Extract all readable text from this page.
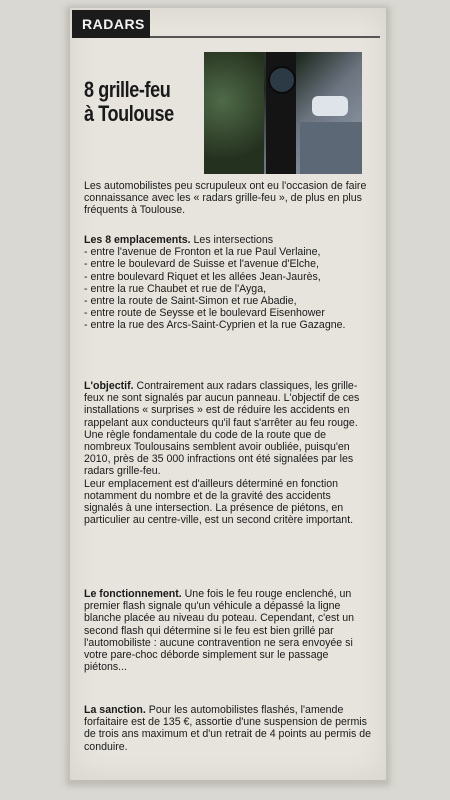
RADARS
8 grille-feu
à Toulouse

Les automobilistes peu scrupuleux ont eu l'occasion de faire connaissance avec les « radars grille-feu », de plus en plus fréquents à Toulouse.

Les 8 emplacements. Les intersections

- entre l'avenue de Fronton et la rue Paul Verlaine,
- entre le boulevard de Suisse et l'avenue d'Elche,
- entre boulevard Riquet et les allées Jean-Jaurès,
- entre la rue Chaubet et rue de l'Ayga,
- entre la route de Saint-Simon et rue Abadie,
- entre route de Seysse et le boulevard Eisenhower
- entre la rue des Arcs-Saint-Cyprien et la rue Gazagne.

L'objectif. Contrairement aux radars classiques, les grille-feux ne sont signalés par aucun panneau. L'objectif de ces installations « surprises » est de réduire les accidents en rappelant aux conducteurs qu'il faut s'arrêter au feu rouge.

Une règle fondamentale du code de la route que de nombreux Toulousains semblent avoir oubliée, puisqu'en 2010, près de 35 000 infractions ont été signalées par les radars grille-feu.

Leur emplacement est d'ailleurs déterminé en fonction notamment du nombre et de la gravité des accidents signalés à une intersection. La présence de piétons, en particulier au centre-ville, est un second critère important.

Le fonctionnement. Une fois le feu rouge enclenché, un premier flash signale qu'un véhicule a dépassé la ligne blanche placée au niveau du poteau. Cependant, c'est un second flash qui détermine si le feu est bien grillé par l'automobiliste : aucune contravention ne sera envoyée si votre pare-choc déborde simplement sur le passage piétons...

La sanction. Pour les automobilistes flashés, l'amende forfaitaire est de 135 €, assortie d'une suspension de permis de trois ans maximum et d'un retrait de 4 points au permis de conduire.
